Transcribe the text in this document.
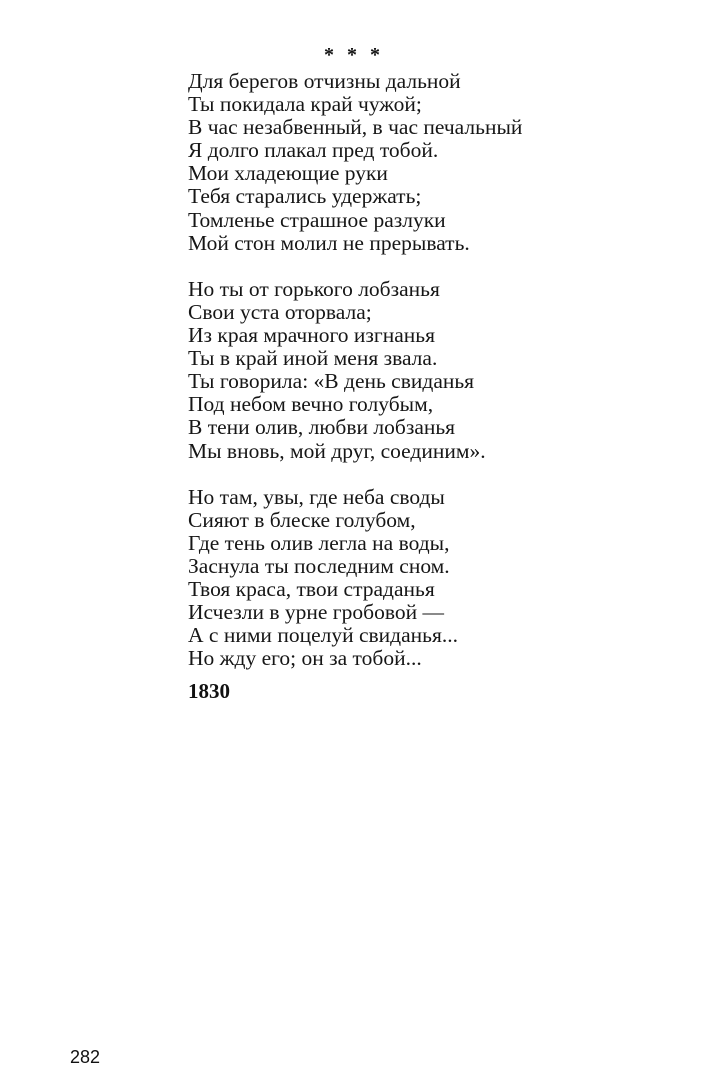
* * *
Для берегов отчизны дальной
Ты покидала край чужой;
В час незабвенный, в час печальный
Я долго плакал пред тобой.
Мои хладеющие руки
Тебя старались удержать;
Томленье страшное разлуки
Мой стон молил не прерывать.
Но ты от горького лобзанья
Свои уста оторвала;
Из края мрачного изгнанья
Ты в край иной меня звала.
Ты говорила: «В день свиданья
Под небом вечно голубым,
В тени олив, любви лобзанья
Мы вновь, мой друг, соединим».
Но там, увы, где неба своды
Сияют в блеске голубом,
Где тень олив легла на воды,
Заснула ты последним сном.
Твоя краса, твои страданья
Исчезли в урне гробовой —
А с ними поцелуй свиданья...
Но жду его; он за тобой...
1830
282
